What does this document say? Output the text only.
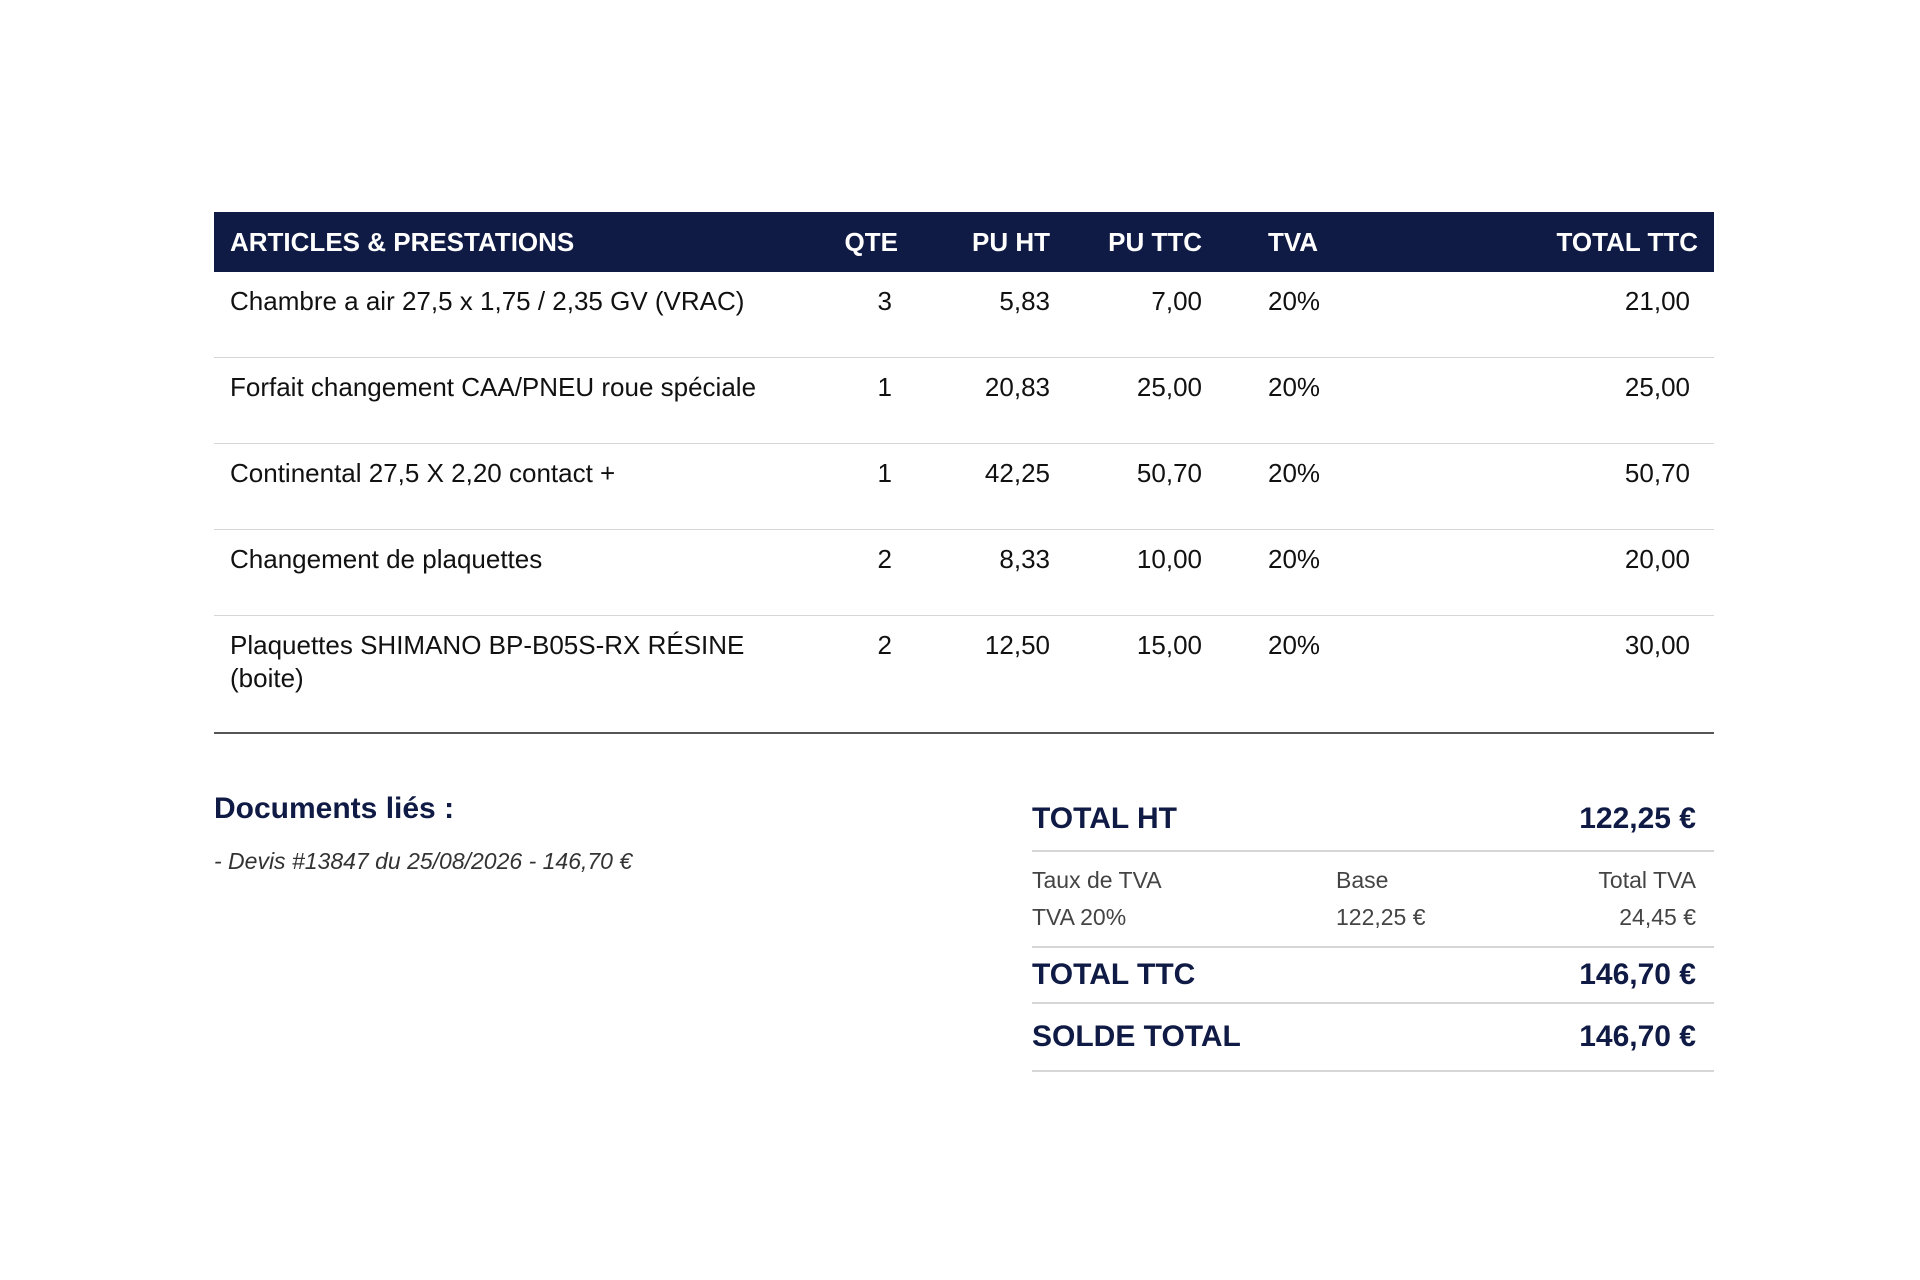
ARTICLES & PRESTATIONS	QTE	PU HT	PU TTC	TVA	TOTAL TTC
Chambre a air 27,5 x 1,75 / 2,35 GV (VRAC)	3	5,83	7,00	20%	21,00
Forfait changement CAA/PNEU roue spéciale	1	20,83	25,00	20%	25,00
Continental 27,5 X 2,20 contact +	1	42,25	50,70	20%	50,70
Changement de plaquettes	2	8,33	10,00	20%	20,00
Plaquettes SHIMANO BP-B05S-RX RÉSINE (boite)	2	12,50	15,00	20%	30,00
Documents liés :
- Devis #13847 du 25/08/2026 - 146,70 €
TOTAL HT	122,25 €
Taux de TVA	Base	Total TVA
TVA 20%	122,25 €	24,45 €
TOTAL TTC	146,70 €
SOLDE TOTAL	146,70 €
